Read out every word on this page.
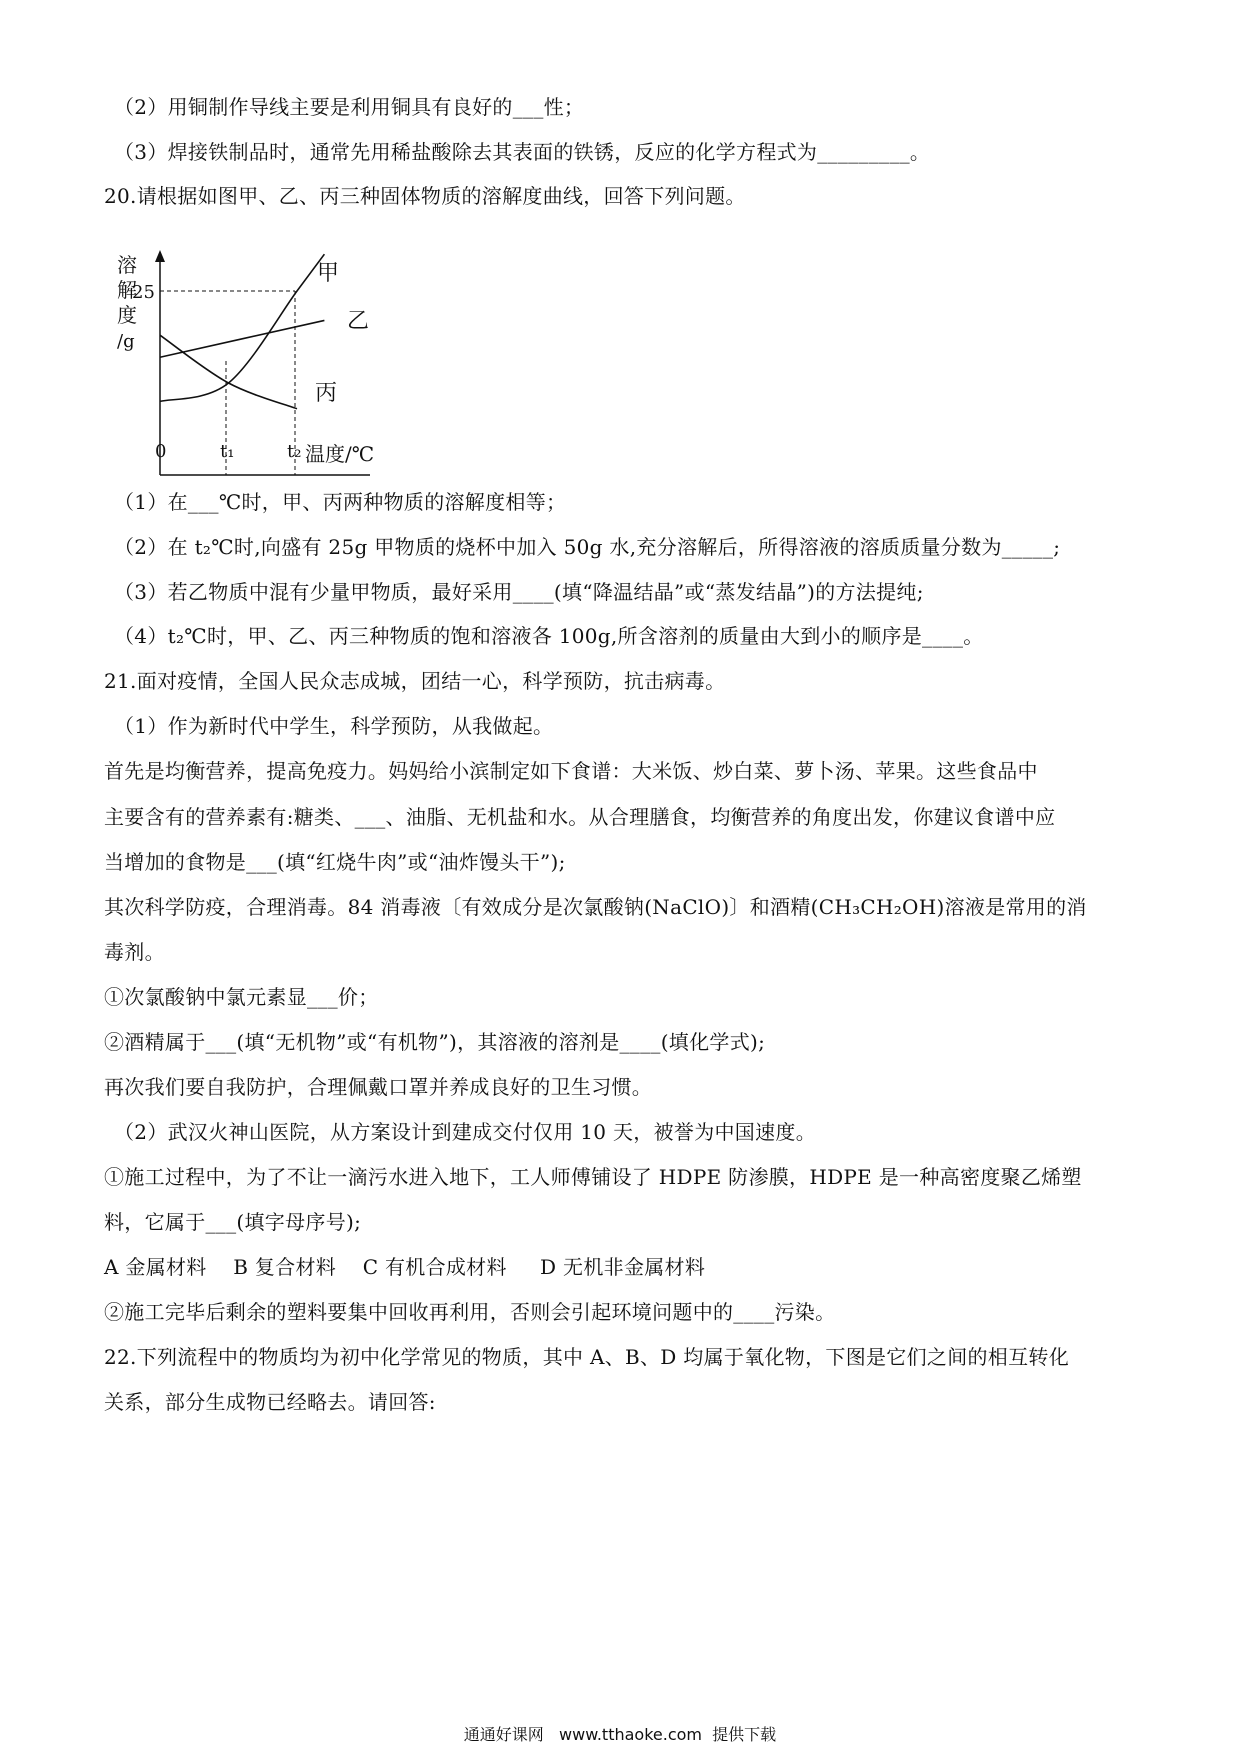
（2）用铜制作导线主要是利用铜具有良好的___性；
（3）焊接铁制品时，通常先用稀盐酸除去其表面的铁锈，反应的化学方程式为_________。
20.请根据如图甲、乙、丙三种固体物质的溶解度曲线，回答下列问题。
溶
解
度
/g
25
甲
乙
丙
0	t₁	t₂ 温度/℃
（1）在___℃时，甲、丙两种物质的溶解度相等；
（2）在 t₂℃时,向盛有 25g 甲物质的烧杯中加入 50g 水,充分溶解后，所得溶液的溶质质量分数为_____;
（3）若乙物质中混有少量甲物质，最好采用____(填“降温结晶”或“蒸发结晶”)的方法提纯;
（4）t₂℃时，甲、乙、丙三种物质的饱和溶液各 100g,所含溶剂的质量由大到小的顺序是____。
21.面对疫情，全国人民众志成城，团结一心，科学预防，抗击病毒。
（1）作为新时代中学生，科学预防，从我做起。
首先是均衡营养，提高免疫力。妈妈给小滨制定如下食谱：大米饭、炒白菜、萝卜汤、苹果。这些食品中
主要含有的营养素有:糖类、___、油脂、无机盐和水。从合理膳食，均衡营养的角度出发，你建议食谱中应
当增加的食物是___(填“红烧牛肉”或“油炸馒头干”);
其次科学防疫，合理消毒。84 消毒液〔有效成分是次氯酸钠(NaClO)〕和酒精(CH₃CH₂OH)溶液是常用的消
毒剂。
①次氯酸钠中氯元素显___价；
②酒精属于___(填“无机物”或“有机物”)，其溶液的溶剂是____(填化学式);
再次我们要自我防护，合理佩戴口罩并养成良好的卫生习惯。
（2）武汉火神山医院，从方案设计到建成交付仅用 10 天，被誉为中国速度。
①施工过程中，为了不让一滴污水进入地下，工人师傅铺设了 HDPE 防渗膜，HDPE 是一种高密度聚乙烯塑
料，它属于___(填字母序号);
A 金属材料    B 复合材料    C 有机合成材料     D 无机非金属材料
②施工完毕后剩余的塑料要集中回收再利用，否则会引起环境问题中的____污染。
22.下列流程中的物质均为初中化学常见的物质，其中 A、B、D 均属于氧化物，下图是它们之间的相互转化
关系，部分生成物已经略去。请回答:
通通好课网   www.tthaoke.com  提供下载
